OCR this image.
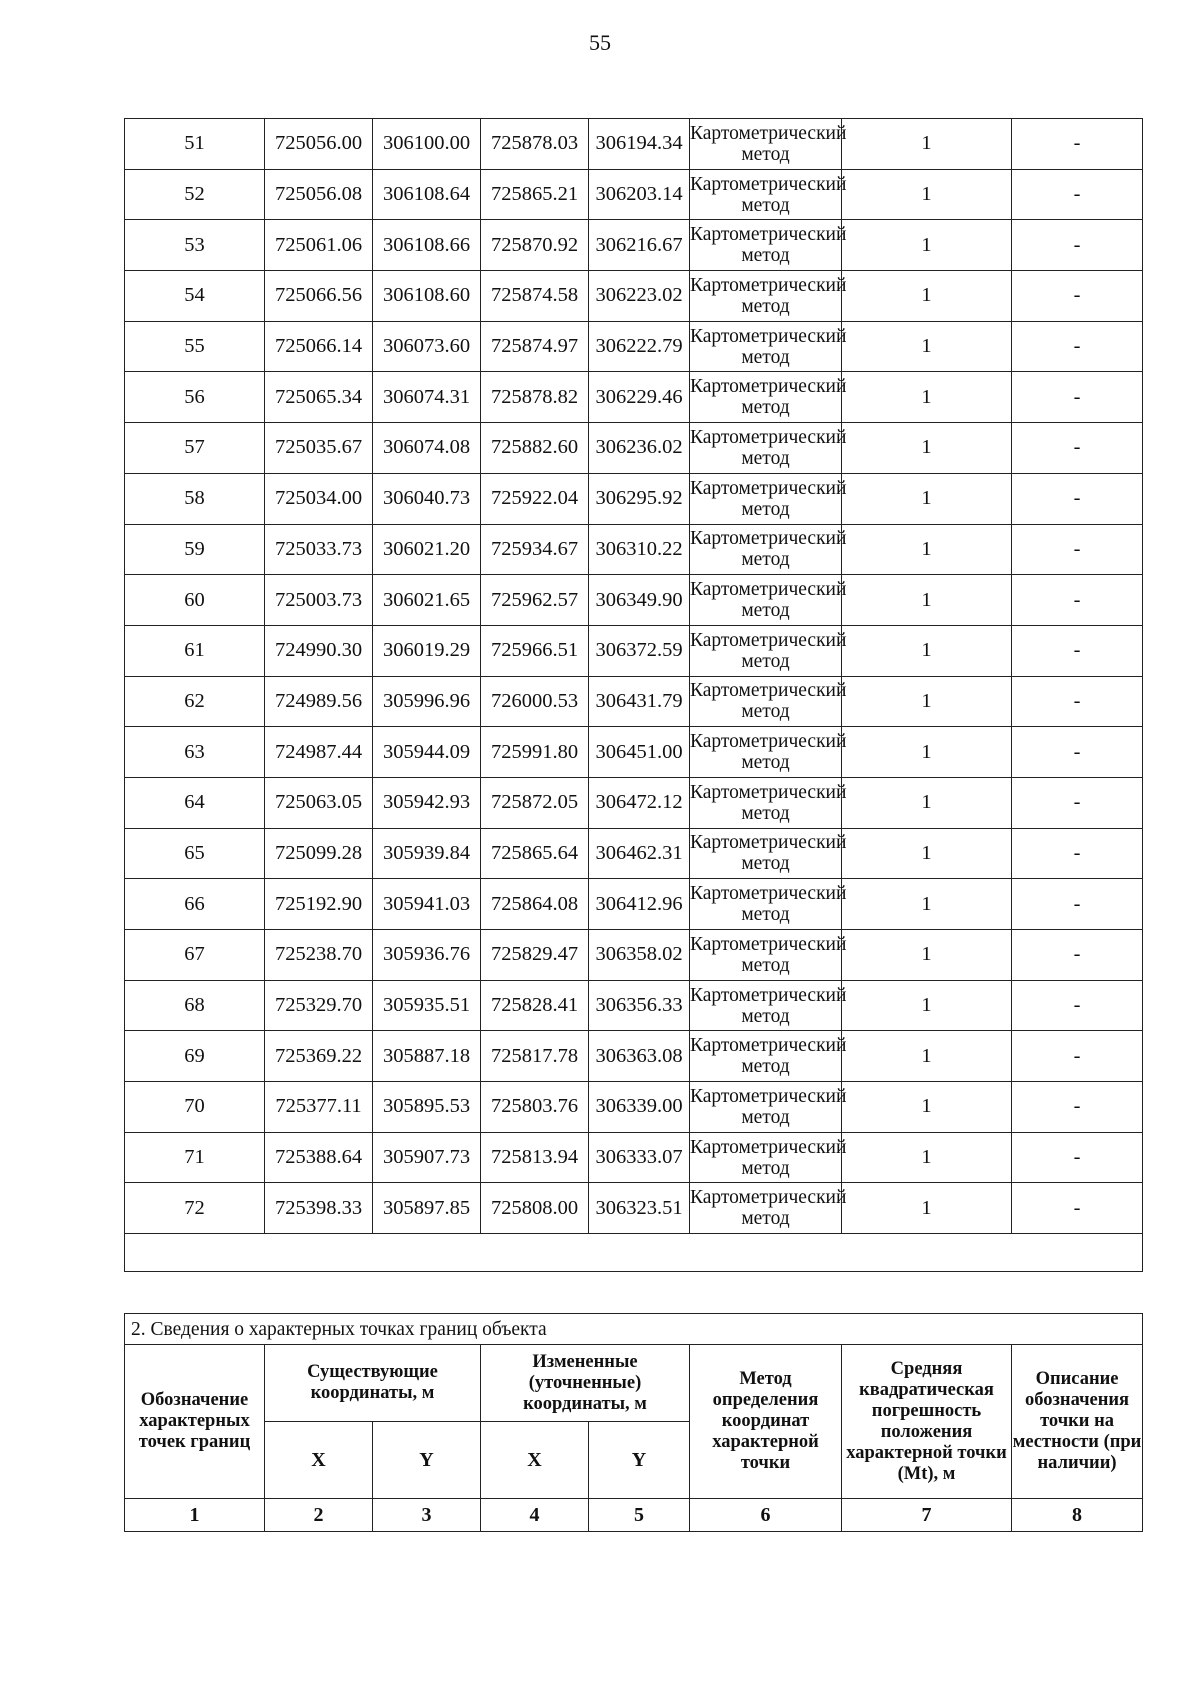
55
51	725056.00	306100.00	725878.03	306194.34	Картометрический метод	1	-
52	725056.08	306108.64	725865.21	306203.14	Картометрический метод	1	-
53	725061.06	306108.66	725870.92	306216.67	Картометрический метод	1	-
54	725066.56	306108.60	725874.58	306223.02	Картометрический метод	1	-
55	725066.14	306073.60	725874.97	306222.79	Картометрический метод	1	-
56	725065.34	306074.31	725878.82	306229.46	Картометрический метод	1	-
57	725035.67	306074.08	725882.60	306236.02	Картометрический метод	1	-
58	725034.00	306040.73	725922.04	306295.92	Картометрический метод	1	-
59	725033.73	306021.20	725934.67	306310.22	Картометрический метод	1	-
60	725003.73	306021.65	725962.57	306349.90	Картометрический метод	1	-
61	724990.30	306019.29	725966.51	306372.59	Картометрический метод	1	-
62	724989.56	305996.96	726000.53	306431.79	Картометрический метод	1	-
63	724987.44	305944.09	725991.80	306451.00	Картометрический метод	1	-
64	725063.05	305942.93	725872.05	306472.12	Картометрический метод	1	-
65	725099.28	305939.84	725865.64	306462.31	Картометрический метод	1	-
66	725192.90	305941.03	725864.08	306412.96	Картометрический метод	1	-
67	725238.70	305936.76	725829.47	306358.02	Картометрический метод	1	-
68	725329.70	305935.51	725828.41	306356.33	Картометрический метод	1	-
69	725369.22	305887.18	725817.78	306363.08	Картометрический метод	1	-
70	725377.11	305895.53	725803.76	306339.00	Картометрический метод	1	-
71	725388.64	305907.73	725813.94	306333.07	Картометрический метод	1	-
72	725398.33	305897.85	725808.00	306323.51	Картометрический метод	1	-

2. Сведения о характерных точках границ объекта							
Обозначение характерных точек границ	Существующие координаты, м		Измененные (уточненные) координаты, м		Метод определения координат характерной точки	Средняя квадратическая погрешность положения характерной точки (Mt), м	Описание обозначения точки на местности (при наличии)
	X	Y	X	Y			
1	2	3	4	5	6	7	8
